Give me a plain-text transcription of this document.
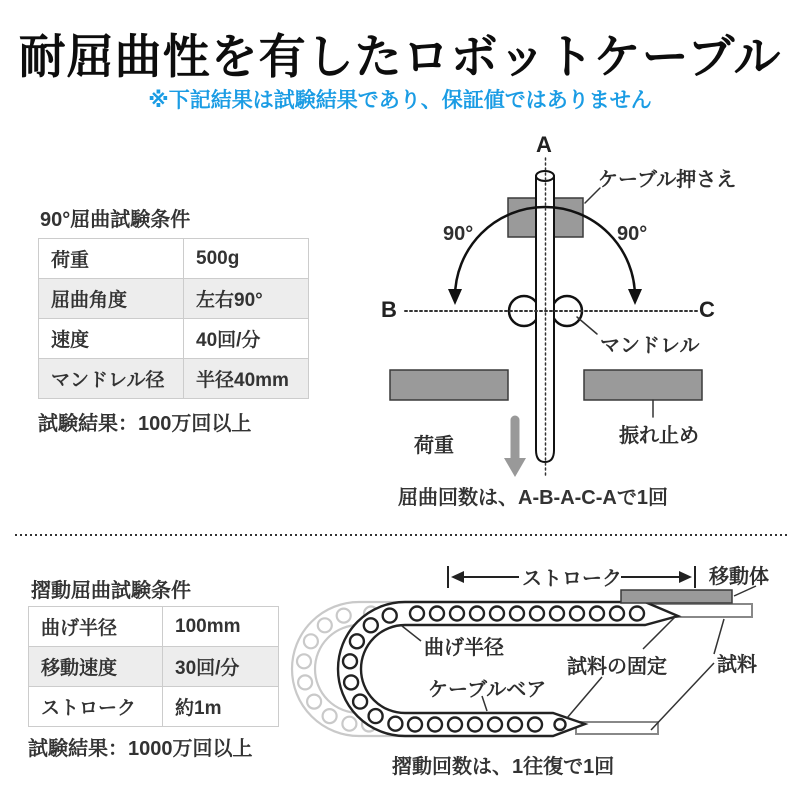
耐屈曲性を有したロボットケーブル
※下記結果は試験結果であり、保証値ではありません
90°屈曲試験条件
荷重	500g
屈曲角度	左右90°
速度	40回/分
マンドレル径	半径40mm
試験結果：100万回以上
A
ケーブル押さえ
90°	90°
B	C
マンドレル
荷重	振れ止め
屈曲回数は、A-B-A-C-Aで1回
摺動屈曲試験条件
曲げ半径	100mm
移動速度	30回/分
ストローク	約1m
試験結果：1000万回以上
ストローク	移動体
曲げ半径
ケーブルベア
試料の固定	試料
摺動回数は、1往復で1回
